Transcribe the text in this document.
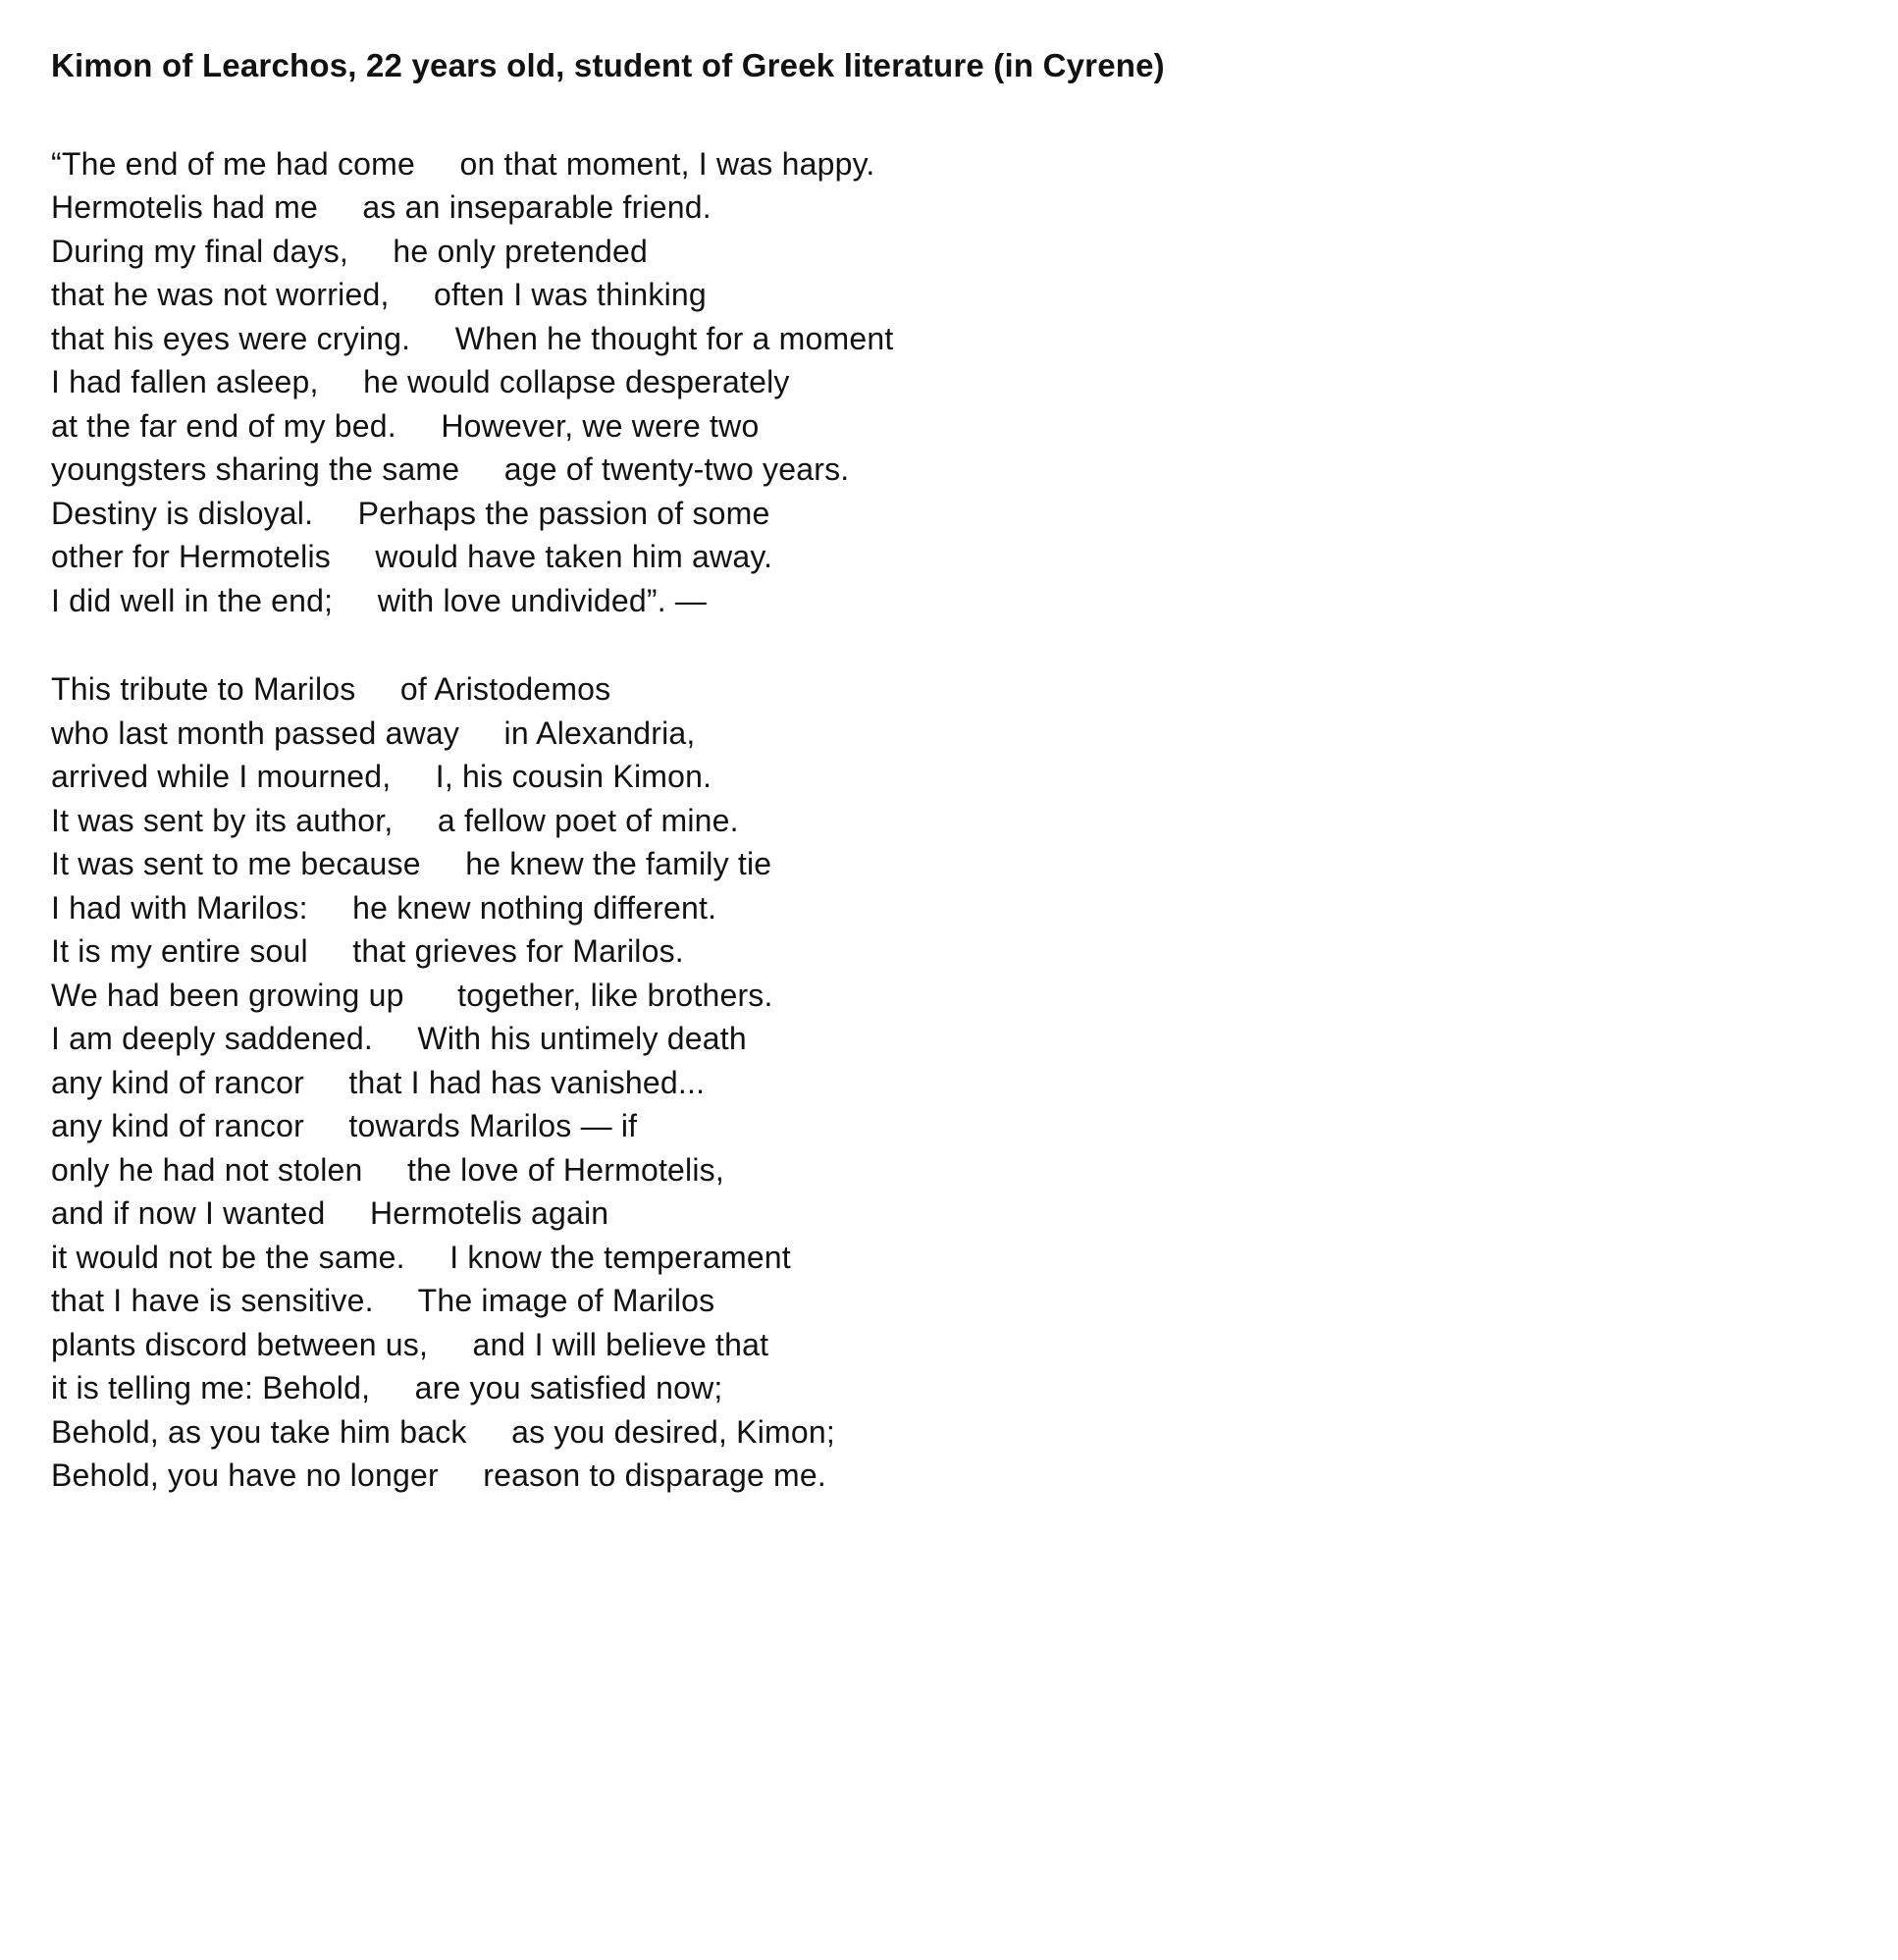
Kimon of Learchos, 22 years old, student of Greek literature (in Cyrene)
“The end of me had come     on that moment, I was happy.
Hermotelis had me     as an inseparable friend.
During my final days,     he only pretended
that he was not worried,     often I was thinking
that his eyes were crying.     When he thought for a moment
I had fallen asleep,     he would collapse desperately
at the far end of my bed.     However, we were two
youngsters sharing the same     age of twenty-two years.
Destiny is disloyal.     Perhaps the passion of some
other for Hermotelis     would have taken him away.
I did well in the end;     with love undivided”. —
This tribute to Marilos     of Aristodemos
who last month passed away     in Alexandria,
arrived while I mourned,     I, his cousin Kimon.
It was sent by its author,     a fellow poet of mine.
It was sent to me because     he knew the family tie
I had with Marilos:     he knew nothing different.
It is my entire soul     that grieves for Marilos.
We had been growing up      together, like brothers.
I am deeply saddened.     With his untimely death
any kind of rancor     that I had has vanished...
any kind of rancor     towards Marilos — if
only he had not stolen     the love of Hermotelis,
and if now I wanted     Hermotelis again
it would not be the same.     I know the temperament
that I have is sensitive.     The image of Marilos
plants discord between us,     and I will believe that
it is telling me: Behold,     are you satisfied now;
Behold, as you take him back     as you desired, Kimon;
Behold, you have no longer     reason to disparage me.
